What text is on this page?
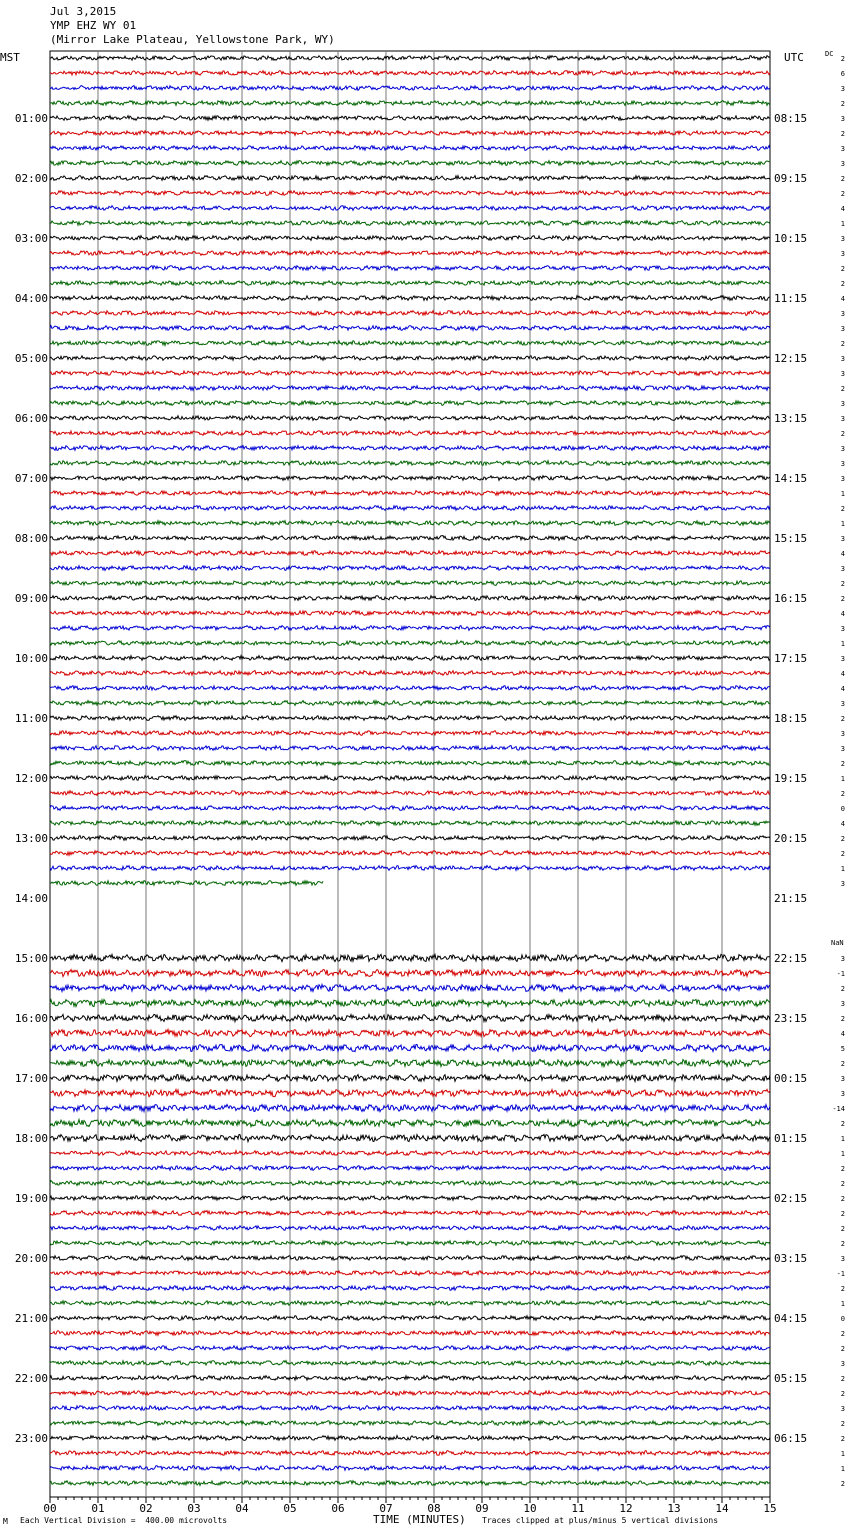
Jul 3,2015
YMP EHZ WY 01
(Mirror Lake Plateau, Yellowstone Park, WY)
MST	UTC
01:00
02:00
03:00
04:00
05:00
06:00
07:00
08:00
09:00
10:00
11:00
12:00
13:00
14:00
15:00
16:00
17:00
18:00
19:00
20:00
21:00
22:00
23:00
08:15
09:15
10:15
11:15
12:15
13:15
14:15
15:15
16:15
17:15
18:15
19:15
20:15
21:15
22:15
23:15
00:15
01:15
02:15
03:15
04:15
05:15
06:15
DC
NaN
2
6
3
2
3
2
3
3
2
2
4
1
3
3
2
2
4
3
3
2
3
3
2
3
3
2
3
3
3
1
2
1
3
4
3
2
2
4
3
1
3
4
4
3
2
3
3
2
1
2
0
4
2
2
1
3
3
-1
2
3
2
4
5
2
3
3
-14
2
1
1
2
2
2
2
2
2
3
-1
2
1
0
2
2
3
2
2
3
2
2
1
1
2
00	01	02	03	04	05	06	07	08	09	10	11	12	13	14	15
TIME (MINUTES)
M Each Vertical Division =  400.00 microvolts	Traces clipped at plus/minus 5 vertical divisions
